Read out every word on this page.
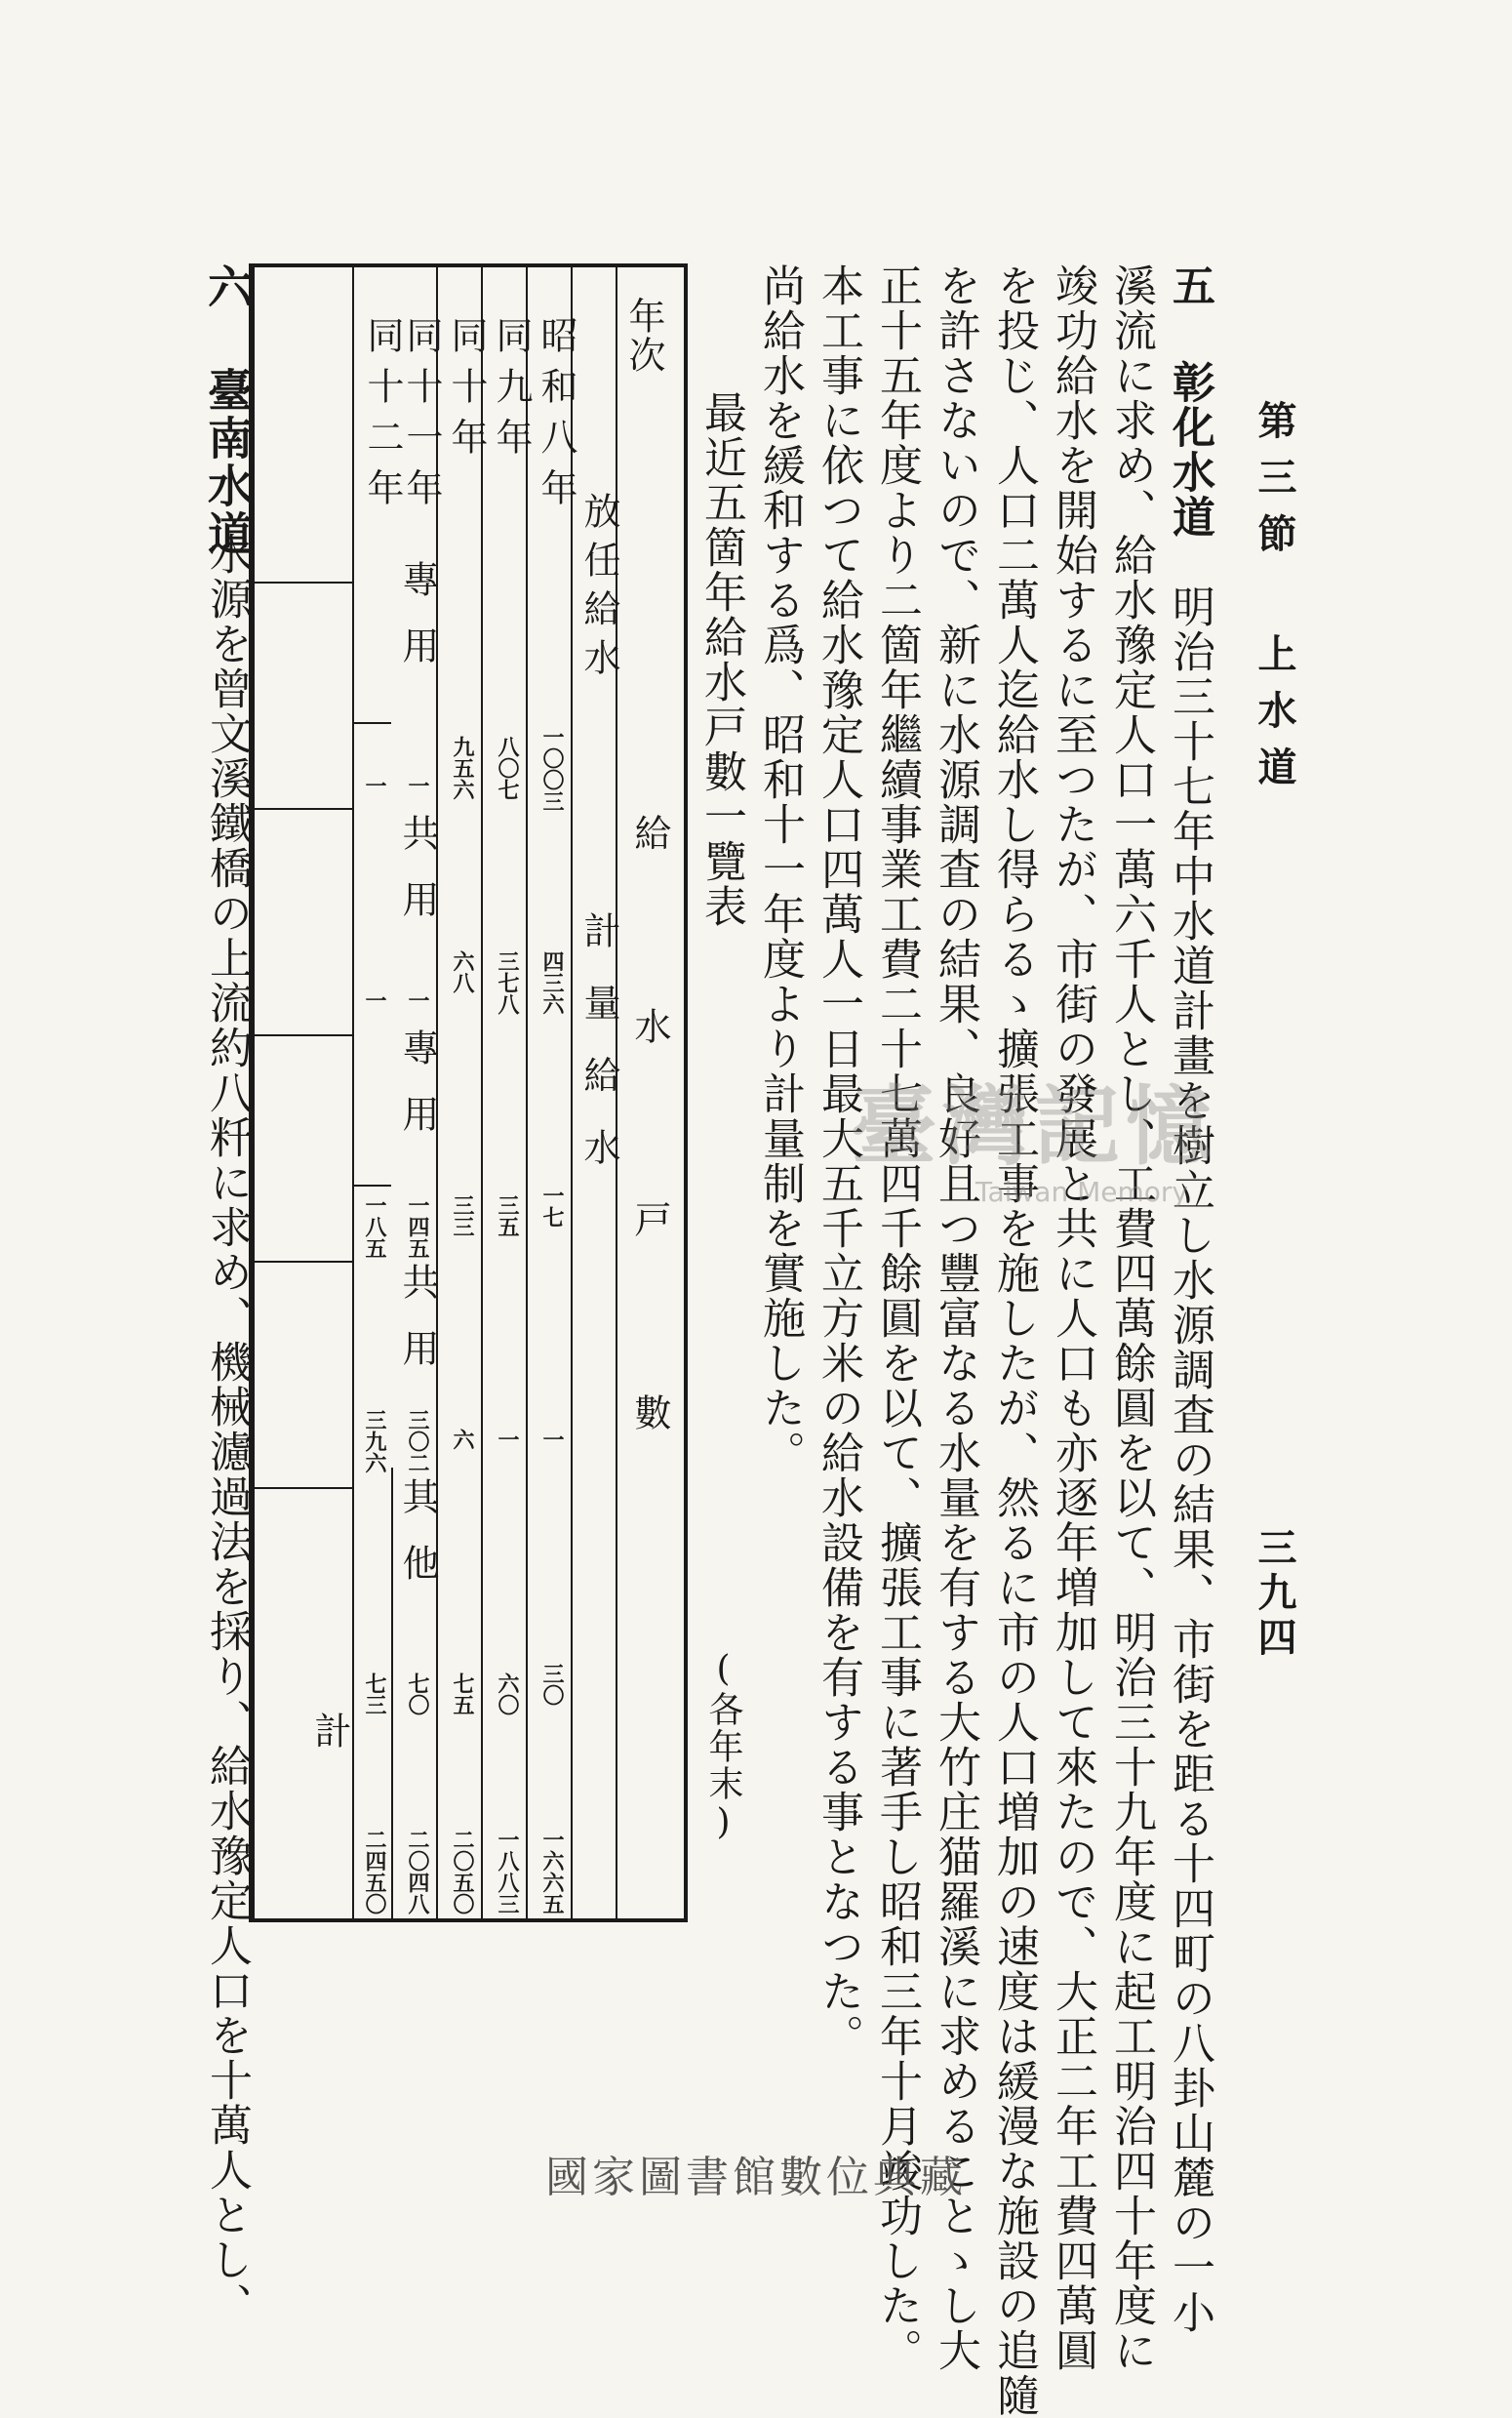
第三節 上水道
三九四
五 彰化水道　明治三十七年中水道計畫を樹立し水源調査の結果、市街を距る十四町の八卦山麓の一小
溪流に求め、給水豫定人口一萬六千人とし、工費四萬餘圓を以て、明治三十九年度に起工明治四十年度に
竣功給水を開始するに至つたが、市街の發展と共に人口も亦逐年増加して來たので、大正二年工費四萬圓
を投じ、人口二萬人迄給水し得らるゝ擴張工事を施したが、然るに市の人口増加の速度は緩漫な施設の追隨
を許さないので、新に水源調査の結果、良好且つ豐富なる水量を有する大竹庄猫羅溪に求めることゝし大
正十五年度より二箇年繼續事業工費二十七萬四千餘圓を以て、擴張工事に著手し昭和三年十月竣功した。
本工事に依つて給水豫定人口四萬人一日最大五千立方米の給水設備を有する事となつた。
尚給水を緩和する爲、昭和十一年度より計量制を實施した。
最近五箇年給水戸數一覽表
(各年末)
年次
給水戸數
放任給水
計量給水
專用
共用
專用
共用
其他
計
昭和八年
同九年
同十年
同十一年
同十二年
一〇〇三
四三六
一七
一
三〇
一六六五
八〇七
三七八
三五
一
六〇
一八八三
九五六
六八
三三
六
七五
二〇五〇
一
一
一四五
三〇二
七〇
二〇四八
一
一
一八五
三九六
七三
二四五〇
六 臺南水道
水源を曾文溪鐵橋の上流約八粁に求め、機械濾過法を採り、給水豫定人口を十萬人とし、	臺灣記憶
Taiwan Memory
國家圖書館數位典藏
